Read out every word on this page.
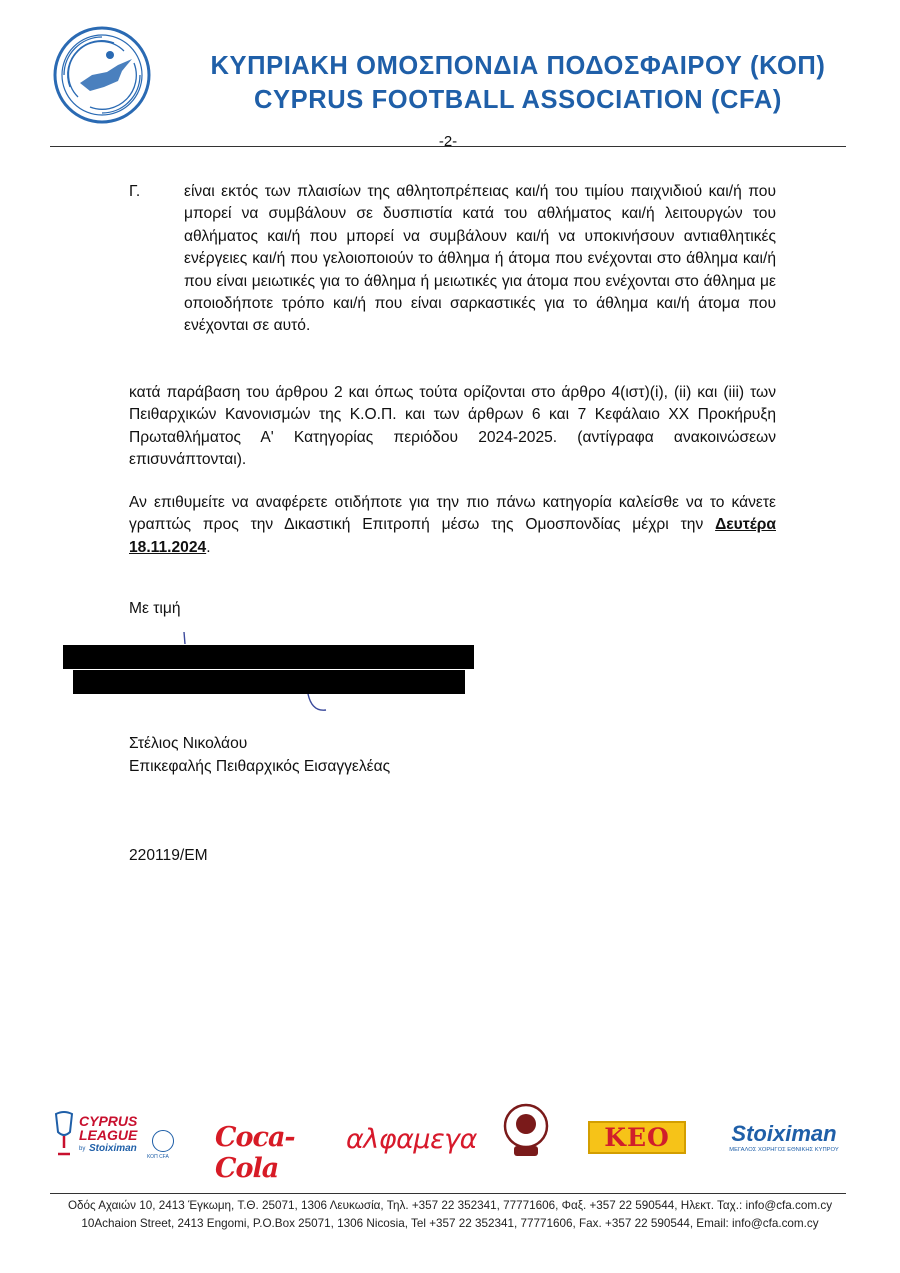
ΚΥΠΡΙΑΚΗ ΟΜΟΣΠΟΝΔΙΑ ΠΟΔΟΣΦΑΙΡΟΥ (ΚΟΠ)
CYPRUS FOOTBALL ASSOCIATION (CFA)
-2-
Γ.	είναι εκτός των πλαισίων της αθλητοπρέπειας και/ή του τιμίου παιχνιδιού και/ή που μπορεί να συμβάλουν σε δυσπιστία κατά του αθλήματος και/ή λειτουργών του αθλήματος και/ή που μπορεί να συμβάλουν και/ή να υποκινήσουν αντιαθλητικές ενέργειες και/ή που γελοιοποιούν το άθλημα ή άτομα που ενέχονται στο άθλημα και/ή που είναι μειωτικές για το άθλημα ή μειωτικές για άτομα που ενέχονται στο άθλημα με οποιοδήποτε τρόπο και/ή που είναι σαρκαστικές για το άθλημα και/ή άτομα που ενέχονται σε αυτό.
κατά παράβαση του άρθρου 2 και όπως τούτα ορίζονται στο άρθρο 4(ιστ)(i), (ii) και (iii) των Πειθαρχικών Κανονισμών της Κ.Ο.Π. και των άρθρων 6 και 7 Κεφάλαιο XX Προκήρυξη Πρωταθλήματος Α' Κατηγορίας περιόδου 2024-2025. (αντίγραφα ανακοινώσεων επισυνάπτονται).
Αν επιθυμείτε να αναφέρετε οτιδήποτε για την πιο πάνω κατηγορία καλείσθε να το κάνετε γραπτώς προς την Δικαστική Επιτροπή μέσω της Ομοσπονδίας μέχρι την Δευτέρα 18.11.2024.
Με τιμή
Στέλιος Νικολάου
Επικεφαλής Πειθαρχικός Εισαγγελέας
220119/EM
CYPRUS
LEAGUE
by Stoiximan
ΚΟΠ CFA
Coca-Cola
αλφαμεγα	KEO	Stoiximan
ΜΕΓΑΛΟΣ ΧΟΡΗΓΟΣ ΕΘΝΙΚΗΣ ΚΥΠΡΟΥ
Οδός Αχαιών 10, 2413 Έγκωμη, Τ.Θ. 25071, 1306 Λευκωσία, Τηλ. +357 22 352341, 77771606, Φαξ. +357 22 590544, Ηλεκτ. Ταχ.: info@cfa.com.cy
10Achaion Street, 2413 Engomi, P.O.Box 25071, 1306 Nicosia, Tel +357 22 352341, 77771606, Fax. +357 22 590544, Email: info@cfa.com.cy
